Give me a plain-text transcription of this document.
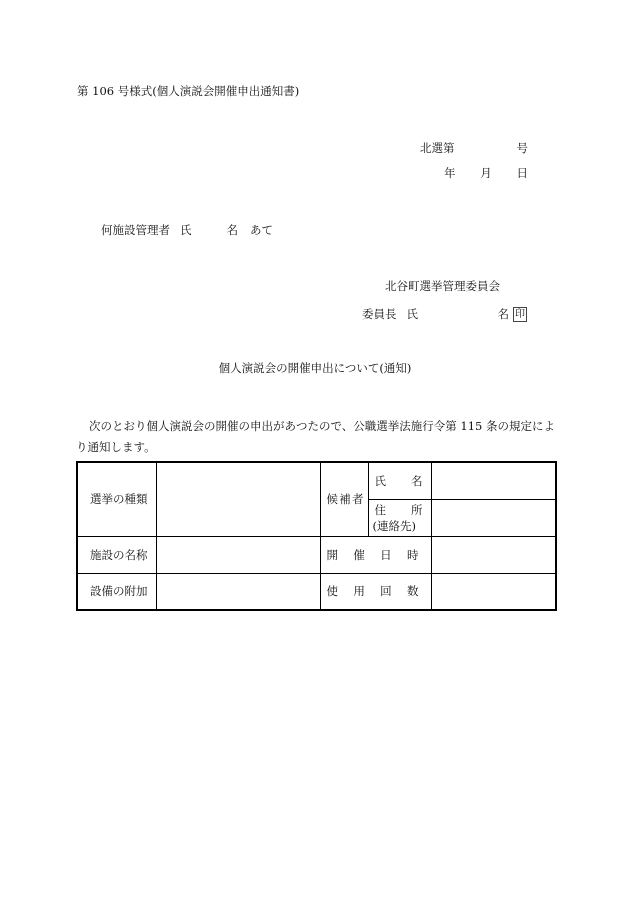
第 106 号様式(個人演説会開催申出通知書)
北選第	号
年 月 日
何施設管理者 氏	名 あて
北谷町選挙管理委員会
委員長 氏	名 印
個人演説会の開催申出について(通知)
次のとおり個人演説会の開催の申出があつたので、公職選挙法施行令第 115 条の規定により通知します。
選 挙 の 種 類		候 補 者	氏 名	

			住 所
(連絡先)	

施 設 の 名 称		開 催 日 時		

設 備 の 附 加		使 用 回 数		
